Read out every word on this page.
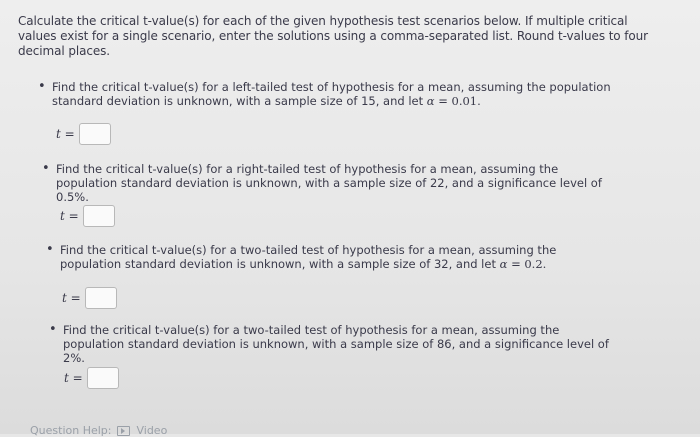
Calculate the critical t-value(s) for each of the given hypothesis test scenarios below. If multiple critical values exist for a single scenario, enter the solutions using a comma-separated list. Round t-values to four decimal places.
• Find the critical t-value(s) for a left-tailed test of hypothesis for a mean, assuming the population standard deviation is unknown, with a sample size of 15, and let α = 0.01.
t =
• Find the critical t-value(s) for a right-tailed test of hypothesis for a mean, assuming the population standard deviation is unknown, with a sample size of 22, and a significance level of 0.5%.
t =
• Find the critical t-value(s) for a two-tailed test of hypothesis for a mean, assuming the population standard deviation is unknown, with a sample size of 32, and let α = 0.2.
t =
• Find the critical t-value(s) for a two-tailed test of hypothesis for a mean, assuming the population standard deviation is unknown, with a sample size of 86, and a significance level of 2%.
t =
Question Help: Video
